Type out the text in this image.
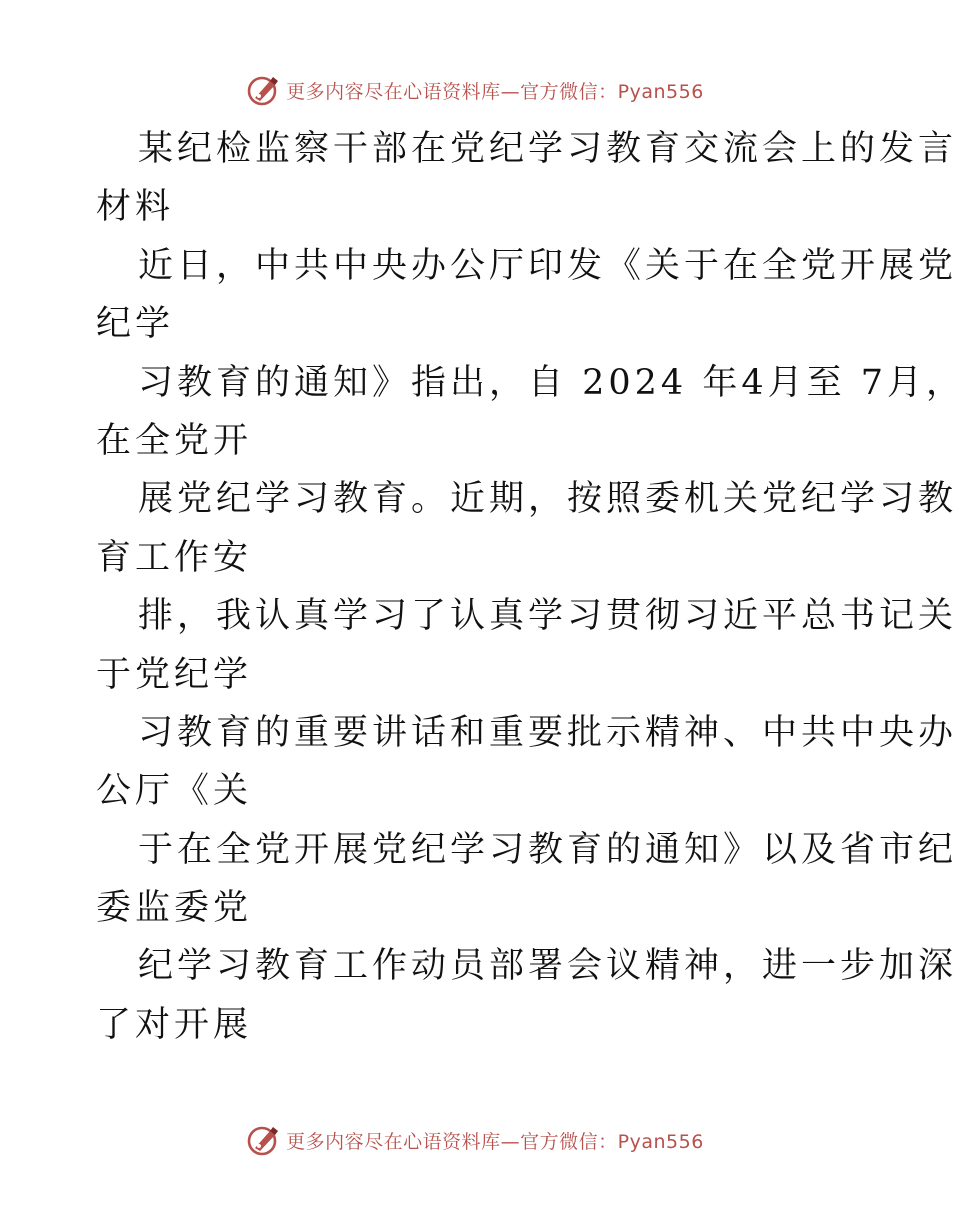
更多内容尽在心语资料库—官方微信：Pyan556
某纪检监察干部在党纪学习教育交流会上的发言
材料
近日，中共中央办公厅印发《关于在全党开展党
纪学
习教育的通知》指出，自 2024 年4月至 7月，
在全党开
展党纪学习教育。近期，按照委机关党纪学习教
育工作安
排，我认真学习了认真学习贯彻习近平总书记关
于党纪学
习教育的重要讲话和重要批示精神、中共中央办
公厅《关
于在全党开展党纪学习教育的通知》以及省市纪
委监委党
纪学习教育工作动员部署会议精神，进一步加深
了对开展
更多内容尽在心语资料库—官方微信：Pyan556
